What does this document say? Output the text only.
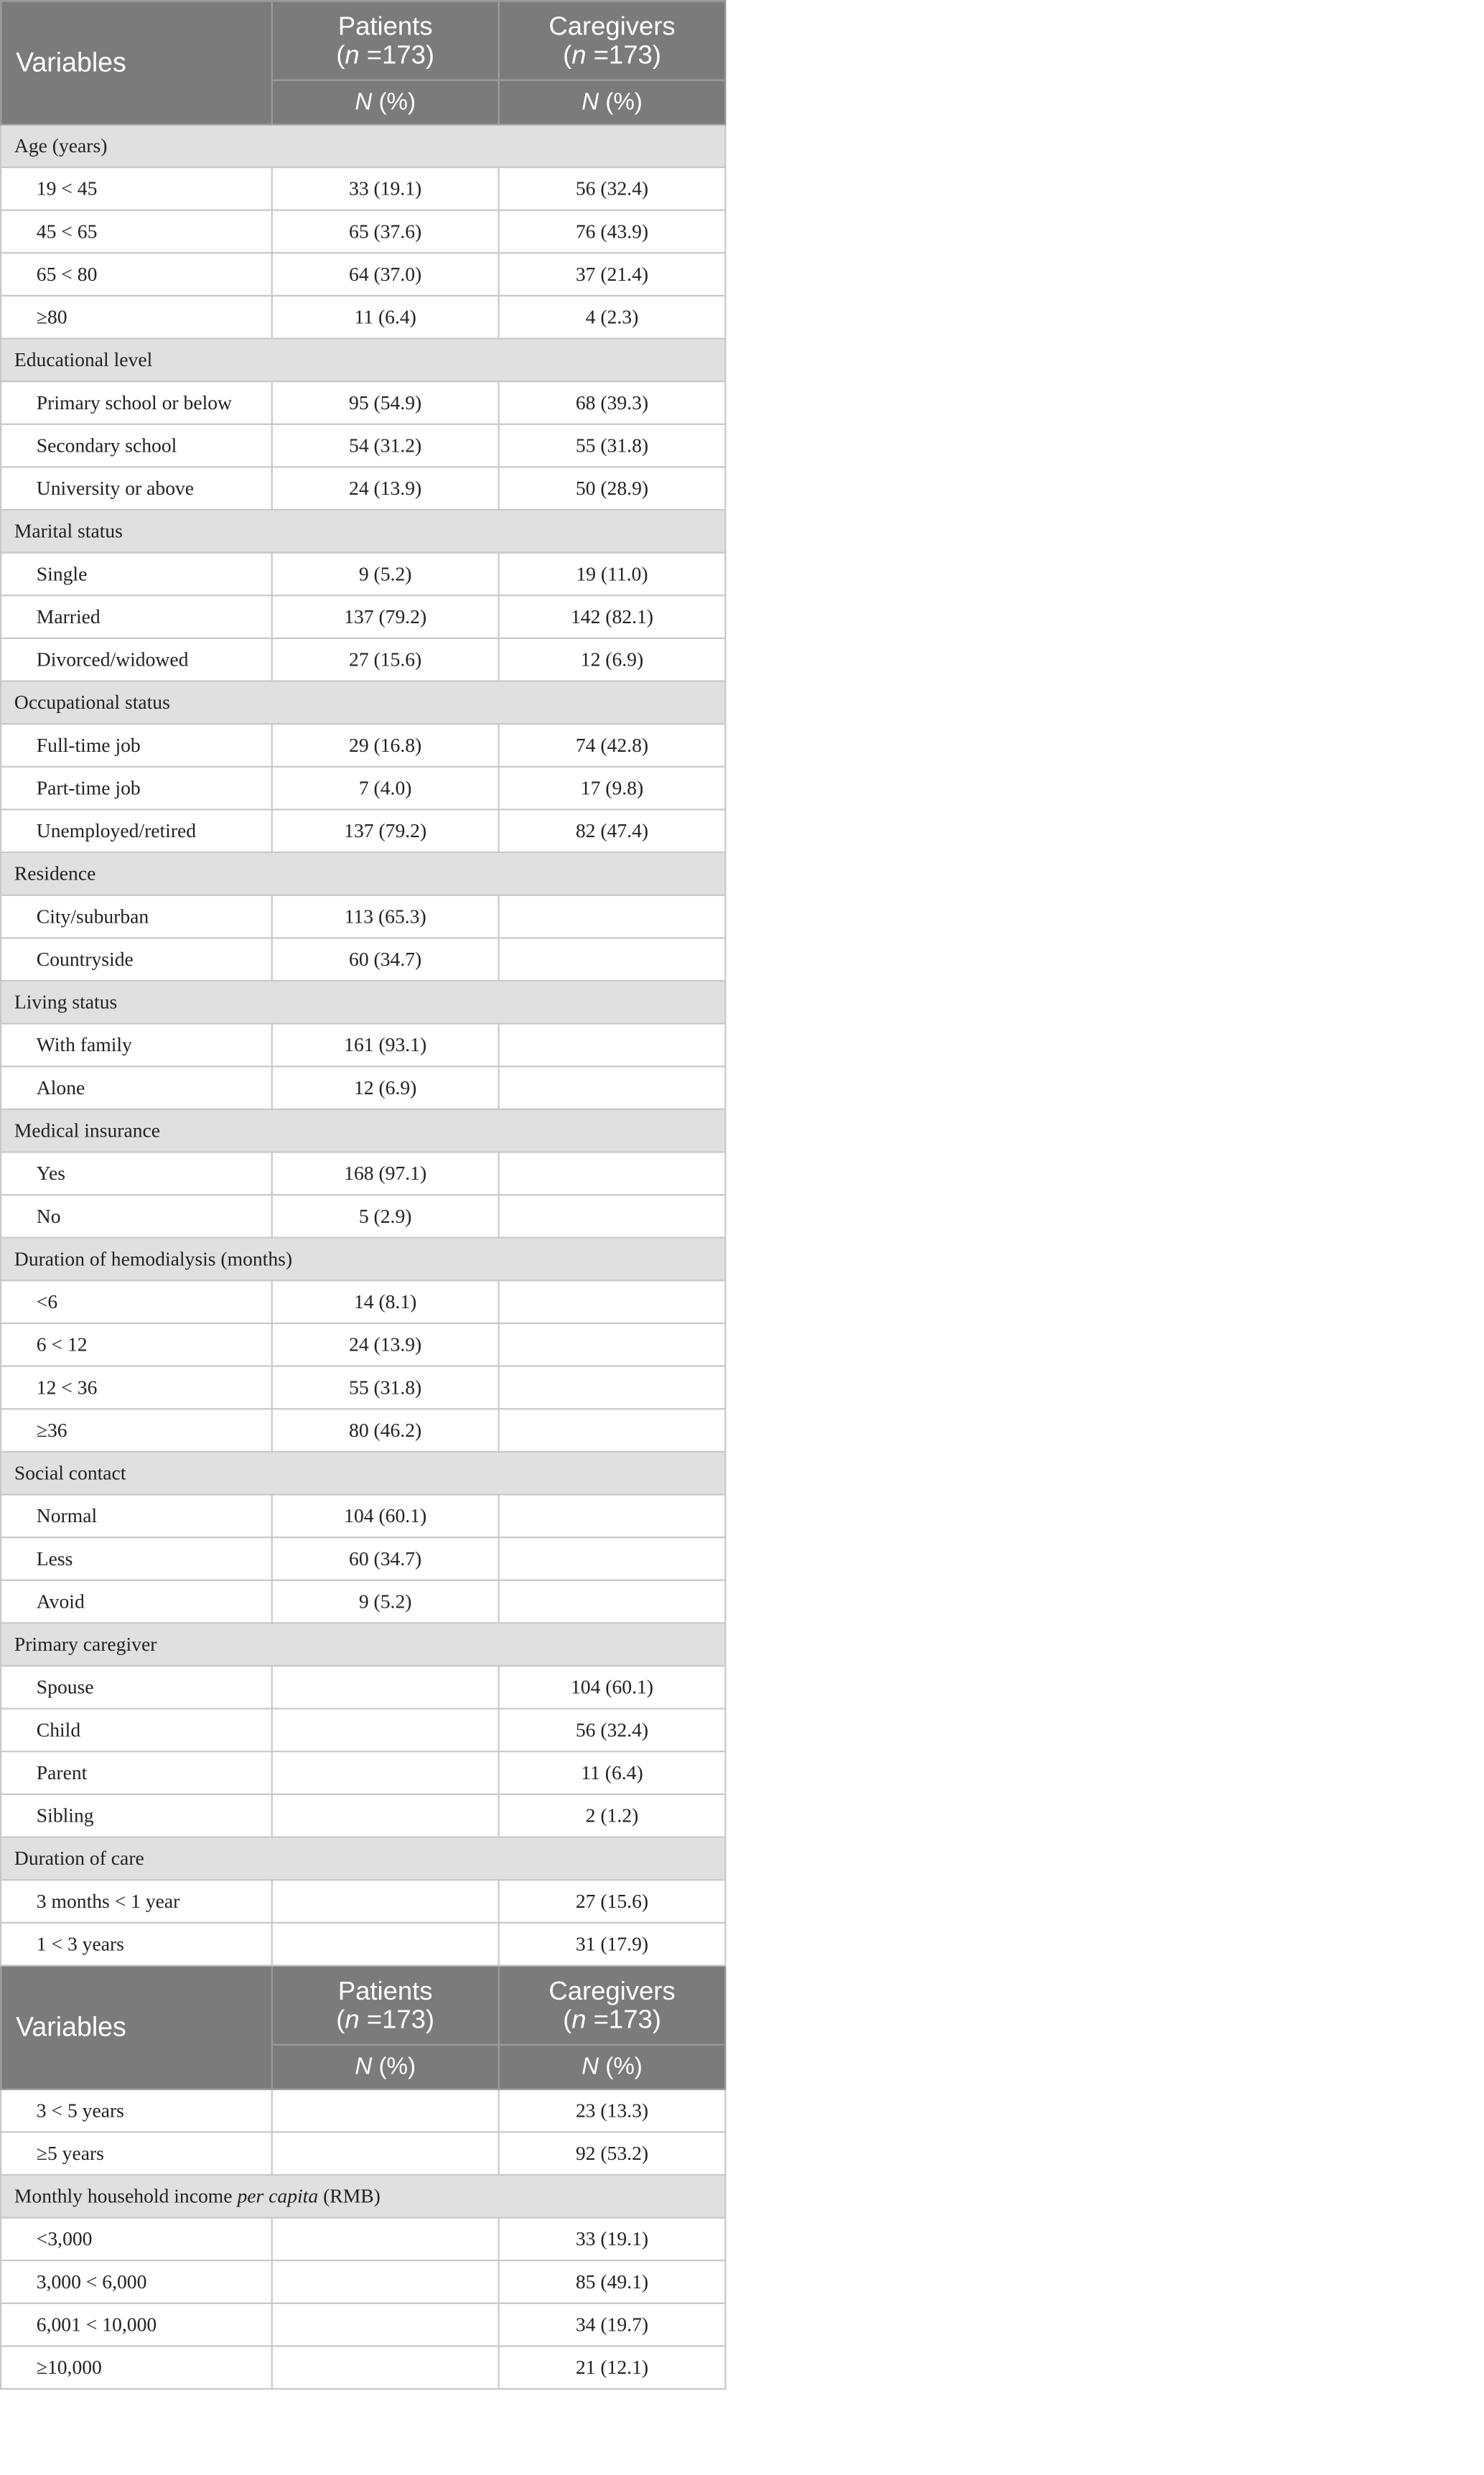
Variables	Patients
(n =173)	Caregivers
(n =173)
	N (%)	N (%)
Age (years)		
19 < 45	33 (19.1)	56 (32.4)
45 < 65	65 (37.6)	76 (43.9)
65 < 80	64 (37.0)	37 (21.4)
≥80	11 (6.4)	4 (2.3)
Educational level		
Primary school or below	95 (54.9)	68 (39.3)
Secondary school	54 (31.2)	55 (31.8)
University or above	24 (13.9)	50 (28.9)
Marital status		
Single	9 (5.2)	19 (11.0)
Married	137 (79.2)	142 (82.1)
Divorced/widowed	27 (15.6)	12 (6.9)
Occupational status		
Full-time job	29 (16.8)	74 (42.8)
Part-time job	7 (4.0)	17 (9.8)
Unemployed/retired	137 (79.2)	82 (47.4)
Residence		
City/suburban	113 (65.3)	
Countryside	60 (34.7)	
Living status		
With family	161 (93.1)	
Alone	12 (6.9)	
Medical insurance		
Yes	168 (97.1)	
No	5 (2.9)	
Duration of hemodialysis (months)		
<6	14 (8.1)	
6 < 12	24 (13.9)	
12 < 36	55 (31.8)	
≥36	80 (46.2)	
Social contact		
Normal	104 (60.1)	
Less	60 (34.7)	
Avoid	9 (5.2)	
Primary caregiver		
Spouse		104 (60.1)
Child		56 (32.4)
Parent		11 (6.4)
Sibling		2 (1.2)
Duration of care		
3 months < 1 year		27 (15.6)
1 < 3 years		31 (17.9)
Variables	Patients
(n =173)	Caregivers
(n =173)
	N (%)	N (%)
3 < 5 years		23 (13.3)
≥5 years		92 (53.2)
Monthly household income per capita (RMB)		
<3,000		33 (19.1)
3,000 < 6,000		85 (49.1)
6,001 < 10,000		34 (19.7)
≥10,000		21 (12.1)
